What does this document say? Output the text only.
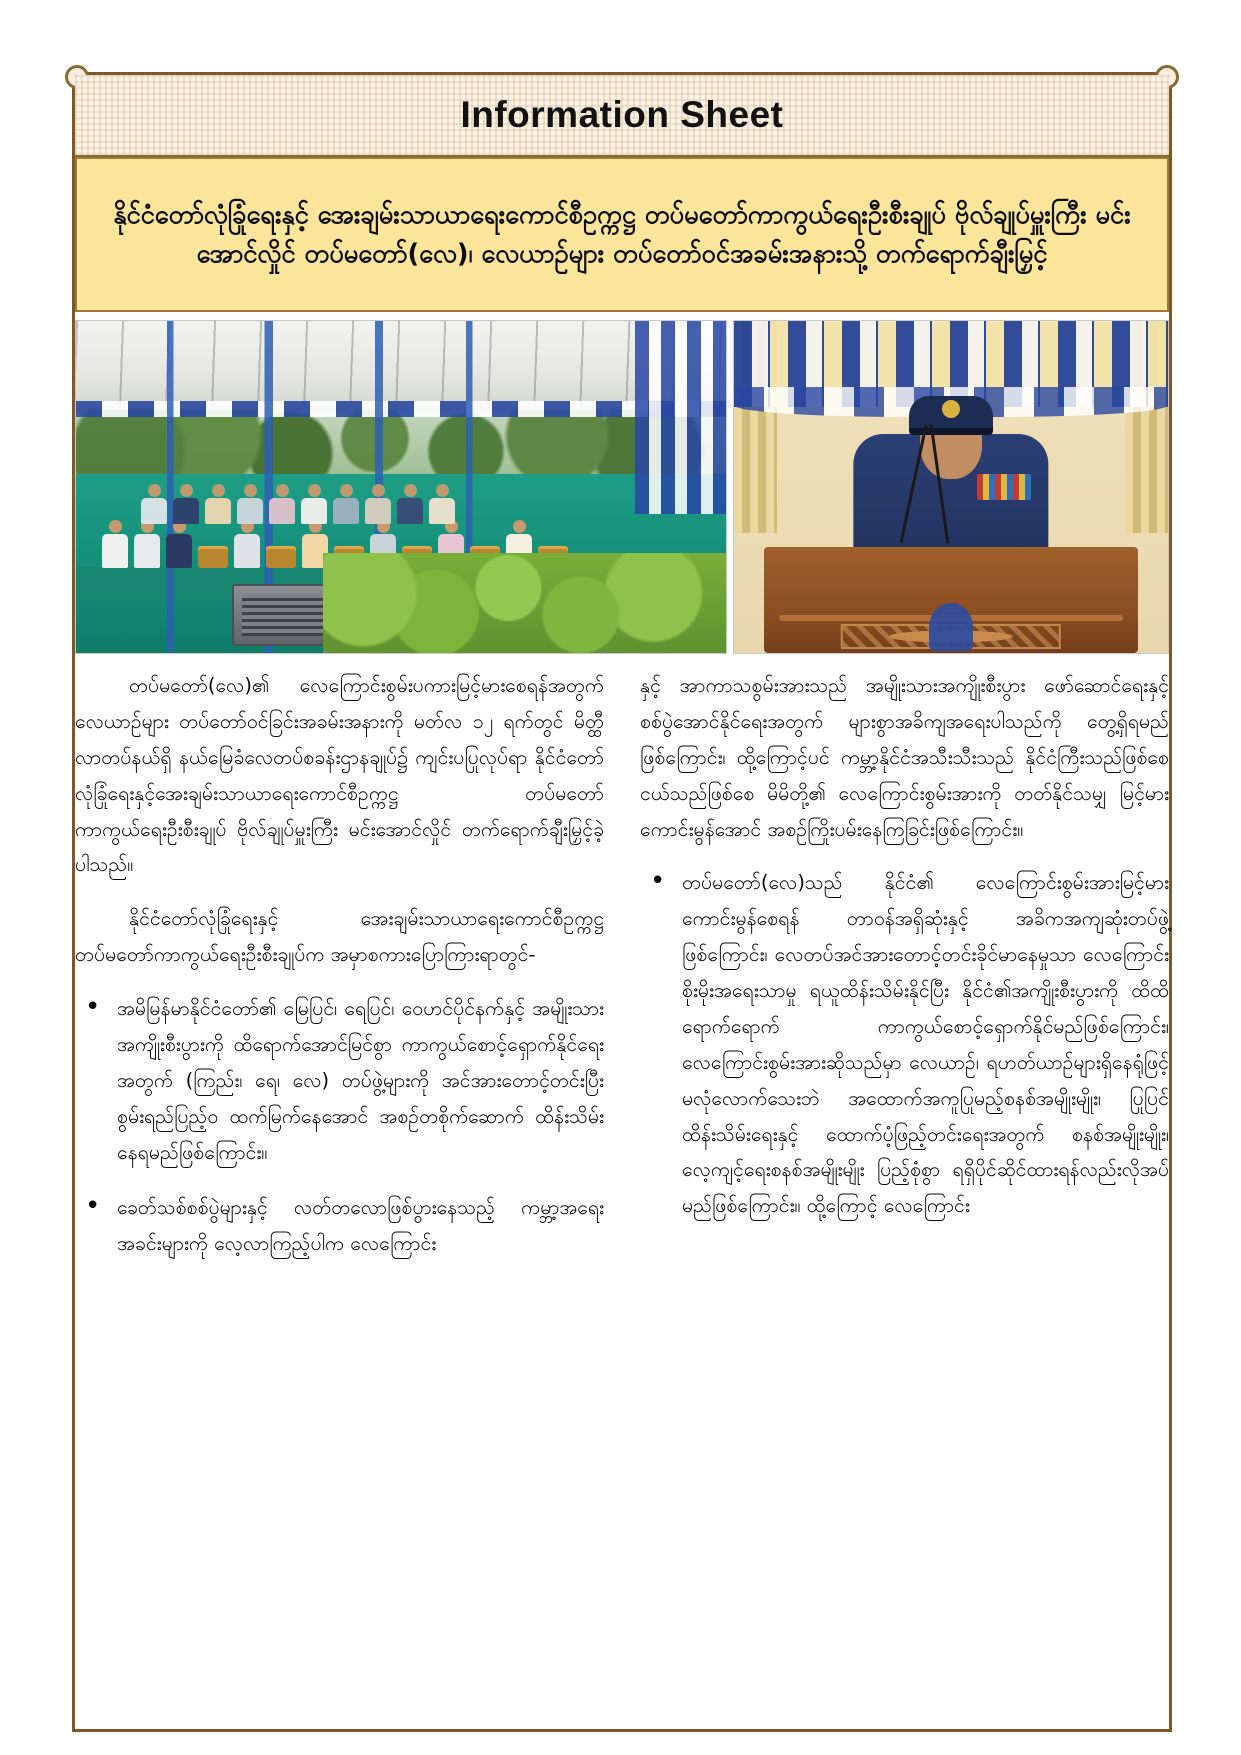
Information Sheet
နိုင်ငံတော်လုံခြုံရေးနှင့် အေးချမ်းသာယာရေးကောင်စီဥက္ကဋ္ဌ တပ်မတော်ကာကွယ်ရေးဦးစီးချုပ် ဗိုလ်ချုပ်မှူးကြီး မင်းအောင်လှိုင် တပ်မတော်(လေ)၊ လေယာဉ်များ တပ်တော်ဝင်အခမ်းအနားသို့ တက်ရောက်ချီးမြှင့်

တပ်မတော်(လေ)၏ လေကြောင်းစွမ်းပကားမြင့်မားစေရန်အတွက် လေယာဉ်များ တပ်တော်ဝင်ခြင်းအခမ်းအနားကို မတ်လ ၁၂ ရက်တွင် မိတ္ထီလာတပ်နယ်ရှိ နယ်မြေခံလေတပ်စခန်းဌာနချုပ်၌ ကျင်းပပြုလုပ်ရာ နိုင်ငံတော်လုံခြုံရေးနှင့်အေးချမ်းသာယာရေးကောင်စီဥက္ကဋ္ဌ တပ်မတော်ကာကွယ်ရေးဦးစီးချုပ် ဗိုလ်ချုပ်မှူးကြီး မင်းအောင်လှိုင် တက်ရောက်ချီးမြှင့်ခဲ့ပါသည်။

နိုင်ငံတော်လုံခြုံရေးနှင့် အေးချမ်းသာယာရေးကောင်စီဥက္ကဋ္ဌ တပ်မတော်ကာကွယ်ရေးဦးစီးချုပ်က အမှာစကားပြောကြားရာတွင်-

• အမိမြန်မာနိုင်ငံတော်၏ မြေပြင်၊ ရေပြင်၊ ဝေဟင်ပိုင်နက်နှင့် အမျိုးသားအကျိုးစီးပွားကို ထိရောက်အောင်မြင်စွာ ကာကွယ်စောင့်ရှောက်နိုင်ရေးအတွက် (ကြည်း၊ ရေ၊ လေ) တပ်ဖွဲ့များကို အင်အားတောင့်တင်းပြီး စွမ်းရည်ပြည့်ဝ ထက်မြက်နေအောင် အစဉ်တစိုက်ဆောက် ထိန်းသိမ်းနေရမည်ဖြစ်ကြောင်း။
• ခေတ်သစ်စစ်ပွဲများနှင့် လတ်တလောဖြစ်ပွားနေသည့် ကမ္ဘာ့အရေးအခင်းများကို လေ့လာကြည့်ပါက လေကြောင်း

နှင့် အာကာသစွမ်းအားသည် အမျိုးသားအကျိုးစီးပွား ဖော်ဆောင်ရေးနှင့် စစ်ပွဲအောင်နိုင်ရေးအတွက် များစွာအခိကျအရေးပါသည်ကို တွေ့ရှိရမည်ဖြစ်ကြောင်း၊ ထို့ကြောင့်ပင် ကမ္ဘာ့နိုင်ငံအသီးသီးသည် နိုင်ငံကြီးသည်ဖြစ်စေ ငယ်သည်ဖြစ်စေ မိမိတို့၏ လေကြောင်းစွမ်းအားကို တတ်နိုင်သမျှ မြင့်မားကောင်းမွန်အောင် အစဉ်ကြိုးပမ်းနေကြခြင်းဖြစ်ကြောင်း။

• တပ်မတော်(လေ)သည် နိုင်ငံ၏ လေကြောင်းစွမ်းအားမြင့်မားကောင်းမွန်စေရန် တာဝန်အရှိဆုံးနှင့် အခိကအကျဆုံးတပ်ဖွဲ့ဖြစ်ကြောင်း၊ လေတပ်အင်အားတောင့်တင်းခိုင်မာနေမှုသာ လေကြောင်းစိုးမိုးအရေးသာမှု ရယူထိန်းသိမ်းနိုင်ပြီး နိုင်ငံ၏အကျိုးစီးပွားကို ထိထိရောက်ရောက် ကာကွယ်စောင့်ရှောက်နိုင်မည်ဖြစ်ကြောင်း၊ လေကြောင်းစွမ်းအားဆိုသည်မှာ လေယာဉ်၊ ရဟတ်ယာဉ်များရှိနေရုံဖြင့် မလုံလောက်သေးဘဲ အထောက်အကူပြုမည့်စနစ်အမျိုးမျိုး၊ ပြုပြင်ထိန်းသိမ်းရေးနှင့် ထောက်ပံ့ဖြည့်တင်းရေးအတွက် စနစ်အမျိုးမျိုး၊ လေ့ကျင့်ရေးစနစ်အမျိုးမျိုး ပြည့်စုံစွာ ရရှိပိုင်ဆိုင်ထားရန်လည်းလိုအပ်မည်ဖြစ်ကြောင်း။ ထို့ကြောင့် လေကြောင်း
